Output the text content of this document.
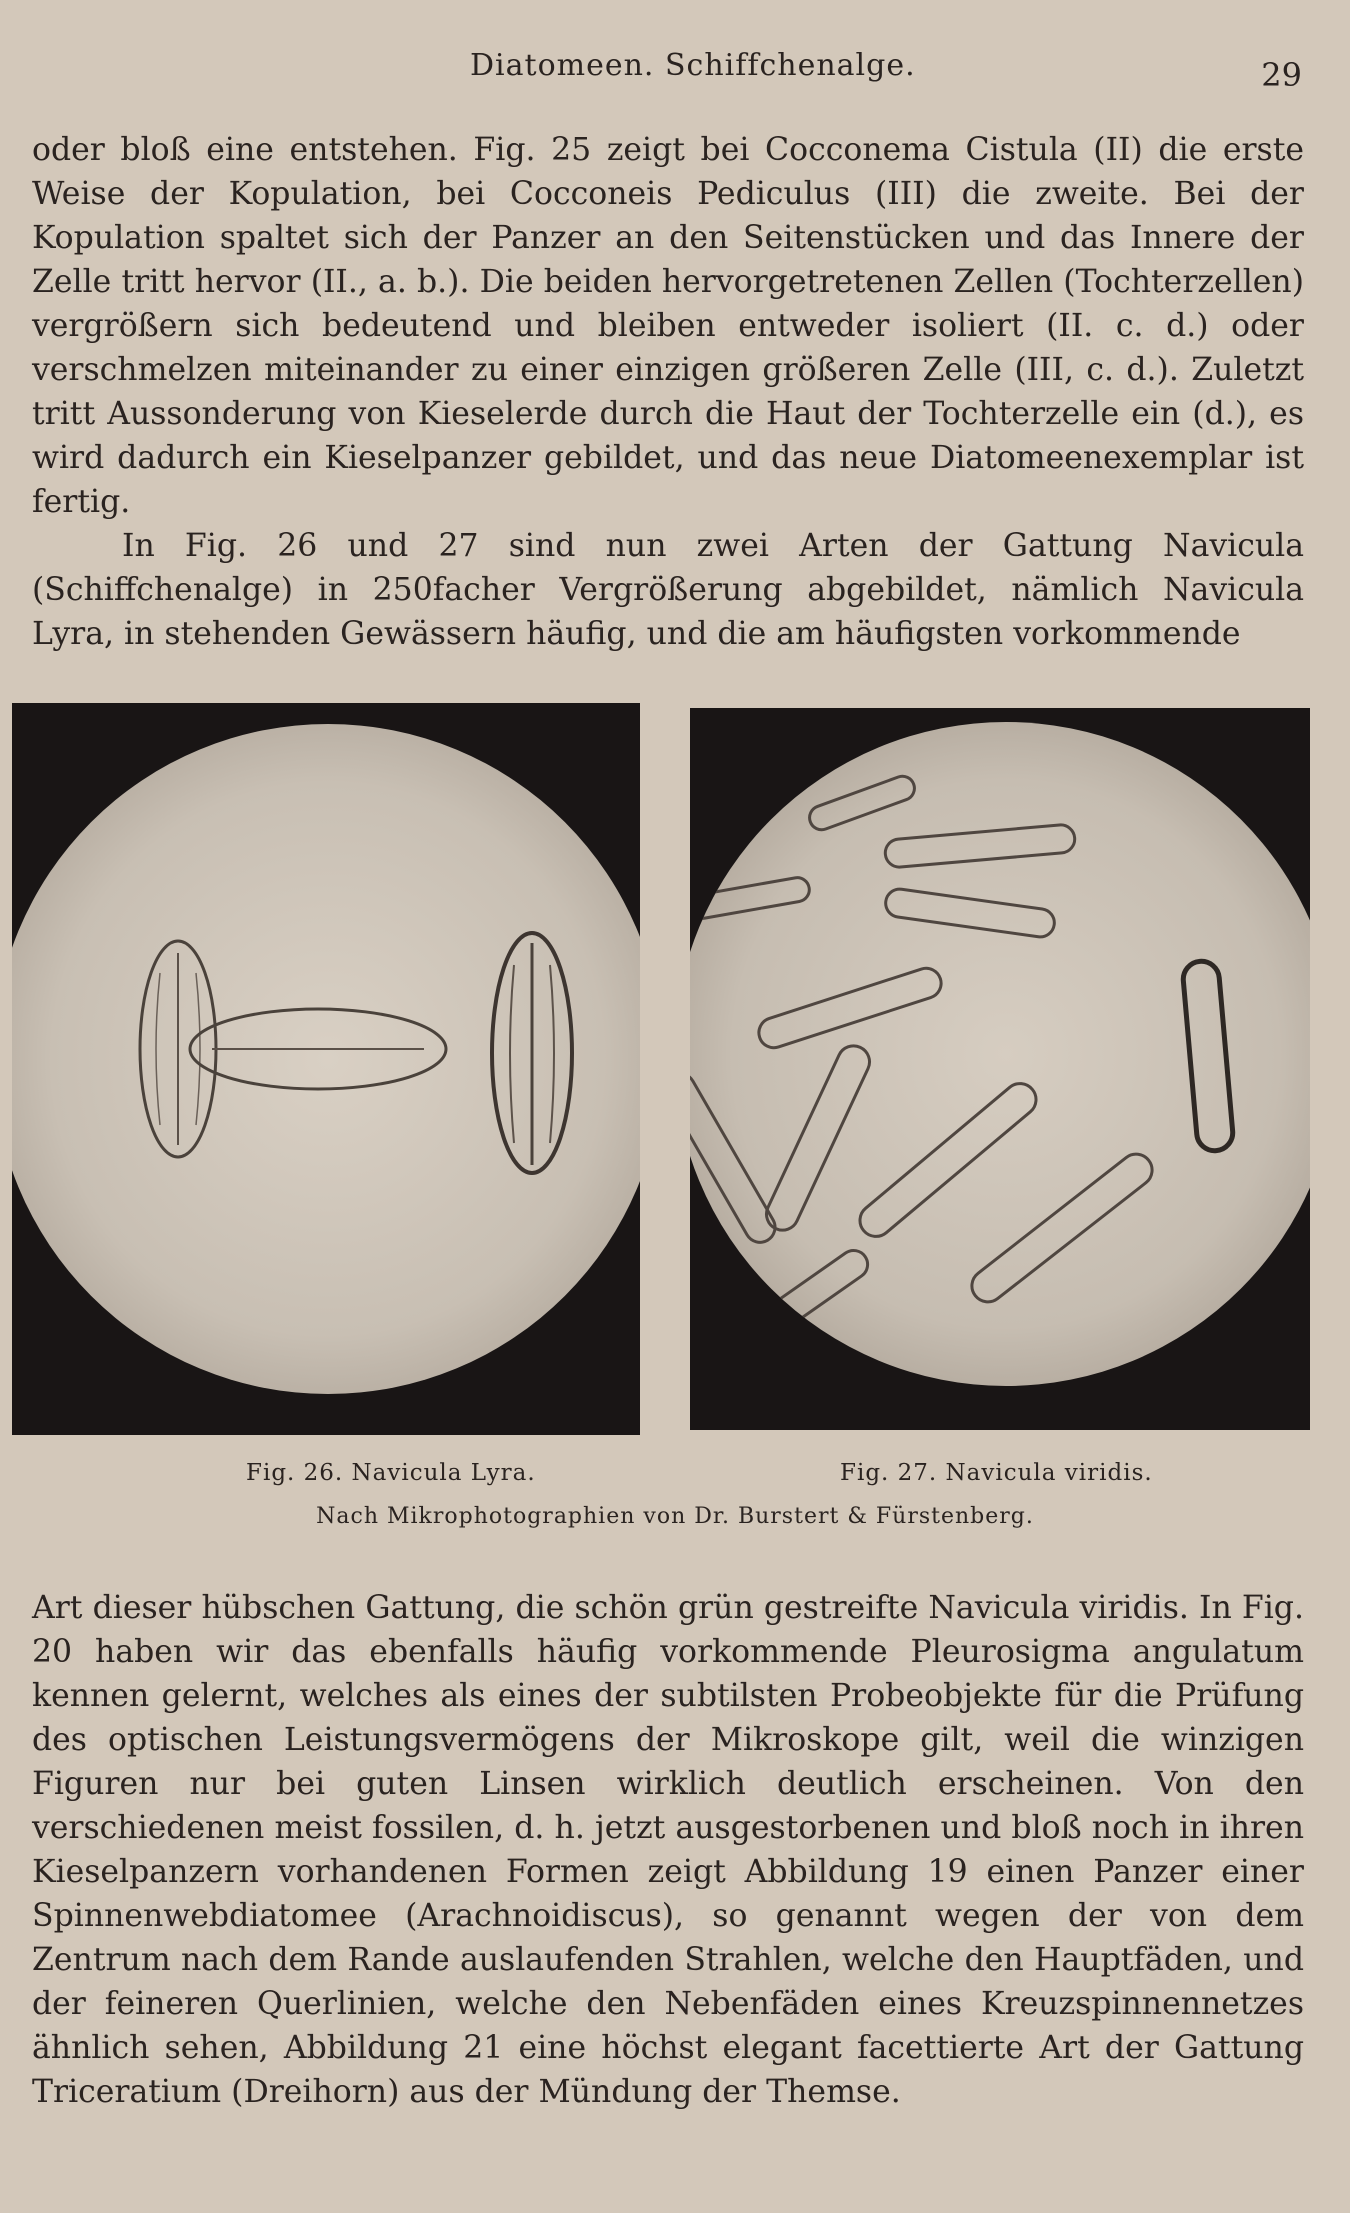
Diatomeen. Schiffchenalge.	29

oder bloß eine entstehen. Fig. 25 zeigt bei Cocconema Cistula (II) die erste Weise der Kopulation, bei Cocconeis Pediculus (III) die zweite. Bei der Kopulation spaltet sich der Panzer an den Seitenstücken und das Innere der Zelle tritt hervor (II., a. b.). Die beiden hervorgetretenen Zellen (Tochterzellen) vergrößern sich bedeutend und bleiben entweder isoliert (II. c. d.) oder verschmelzen miteinander zu einer einzigen größeren Zelle (III, c. d.). Zuletzt tritt Aussonderung von Kieselerde durch die Haut der Tochterzelle ein (d.), es wird dadurch ein Kieselpanzer gebildet, und das neue Diatomeenexemplar ist fertig.

In Fig. 26 und 27 sind nun zwei Arten der Gattung Navicula (Schiffchenalge) in 250facher Vergrößerung abgebildet, nämlich Navicula Lyra, in stehenden Gewässern häufig, und die am häufigsten vorkommende

Fig. 26. Navicula Lyra.	Fig. 27. Navicula viridis.
Nach Mikrophotographien von Dr. Burstert & Fürstenberg.

Art dieser hübschen Gattung, die schön grün gestreifte Navicula viridis. In Fig. 20 haben wir das ebenfalls häufig vorkommende Pleurosigma angulatum kennen gelernt, welches als eines der subtilsten Probeobjekte für die Prüfung des optischen Leistungsvermögens der Mikroskope gilt, weil die winzigen Figuren nur bei guten Linsen wirklich deutlich erscheinen. Von den verschiedenen meist fossilen, d. h. jetzt ausgestorbenen und bloß noch in ihren Kieselpanzern vorhandenen Formen zeigt Abbildung 19 einen Panzer einer Spinnenwebdiatomee (Arachnoidiscus), so genannt wegen der von dem Zentrum nach dem Rande auslaufenden Strahlen, welche den Hauptfäden, und der feineren Querlinien, welche den Nebenfäden eines Kreuzspinnennetzes ähnlich sehen, Abbildung 21 eine höchst elegant facettierte Art der Gattung Triceratium (Dreihorn) aus der Mündung der Themse.
